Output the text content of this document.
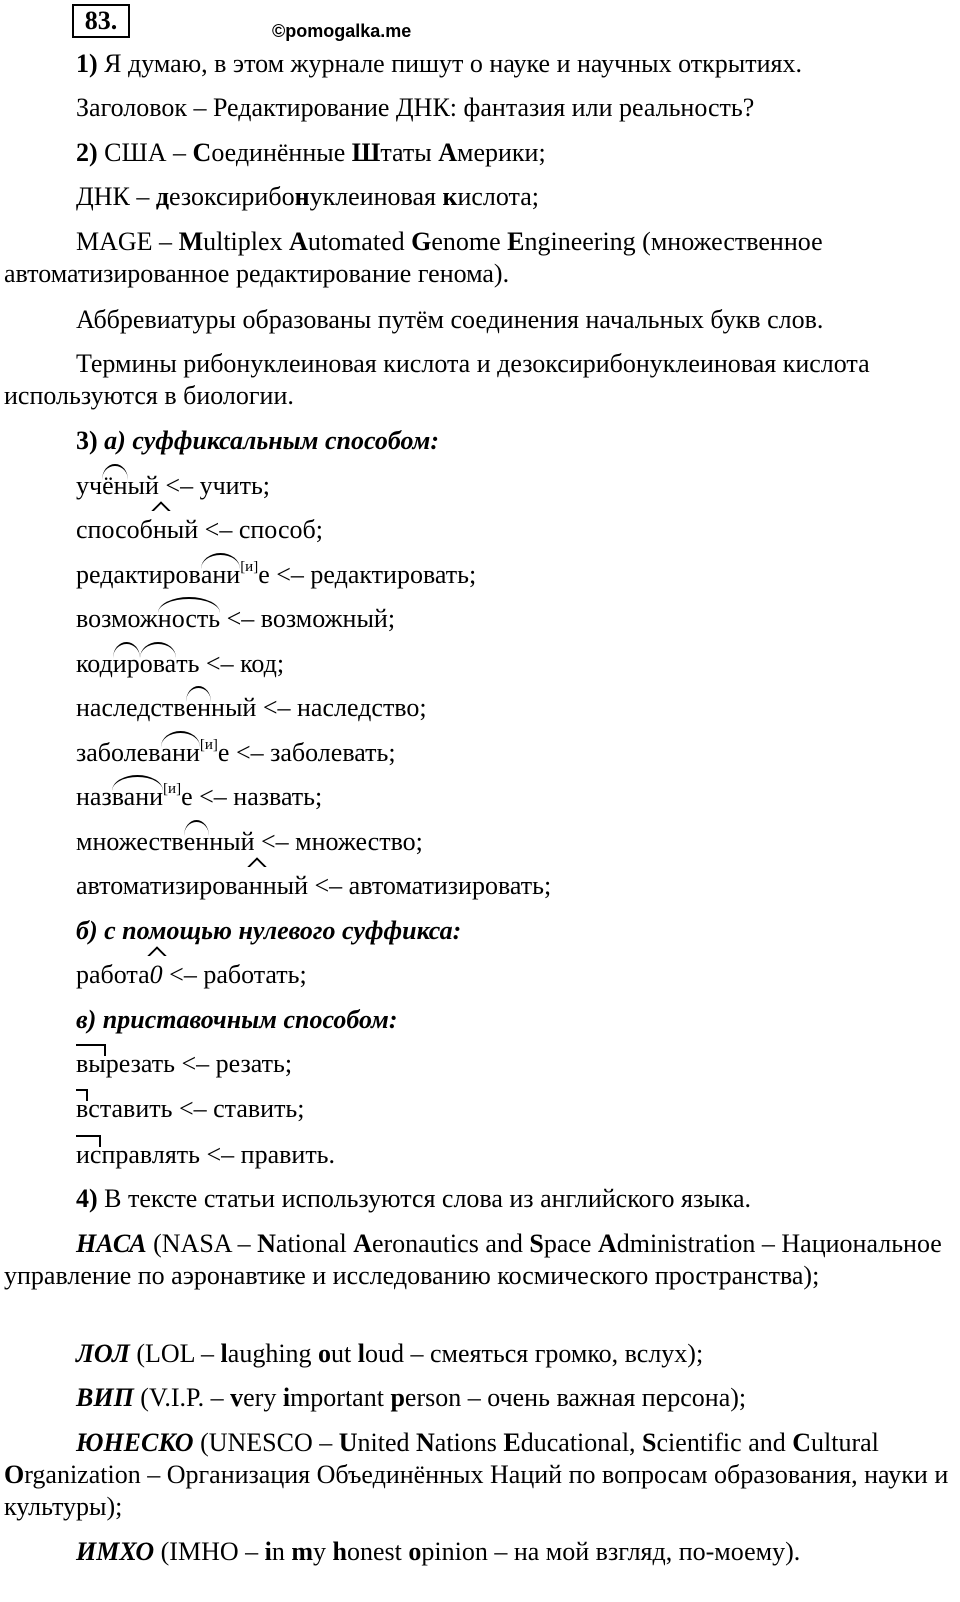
83.	©pomogalka.me
1) Я думаю, в этом журнале пишут о науке и научных открытиях.
Заголовок – Редактирование ДНК: фантазия или реальность?
2) США – Соединённые Штаты Америки;
ДНК – дезоксирибонуклеиновая кислота;
MAGE – Multiplex Automated Genome Engineering (множественное автоматизированное редактирование генома).
Аббревиатуры образованы путём соединения начальных букв слов.
Термины рибонуклеиновая кислота и дезоксирибонуклеиновая кислота используются в биологии.
3) а) суффиксальным способом:
учёный <– учить;
способный <– способ;
редактировани[и]е <– редактировать;
возможность <– возможный;
кодировать <– код;
наследственный <– наследство;
заболевани[и]е <– заболевать;
названи[и]е <– назвать;
множественный <– множество;
автоматизированный <– автоматизировать;
б) с помощью нулевого суффикса:
работа0 <– работать;
в) приставочным способом:
вырезать <– резать;
вставить <– ставить;
исправлять <– править.
4) В тексте статьи используются слова из английского языка.
НАСА (NASA – National Aeronautics and Space Administration – Национальное управление по аэронавтике и исследованию космического пространства);
ЛОЛ (LOL – laughing out loud – смеяться громко, вслух);
ВИП (V.I.P. – very important person – очень важная персона);
ЮНЕСКО (UNESCO – United Nations Educational, Scientific and Cultural Organization – Организация Объединённых Наций по вопросам образования, науки и культуры);
ИМХО (IMHO – in my honest opinion – на мой взгляд, по-моему).
